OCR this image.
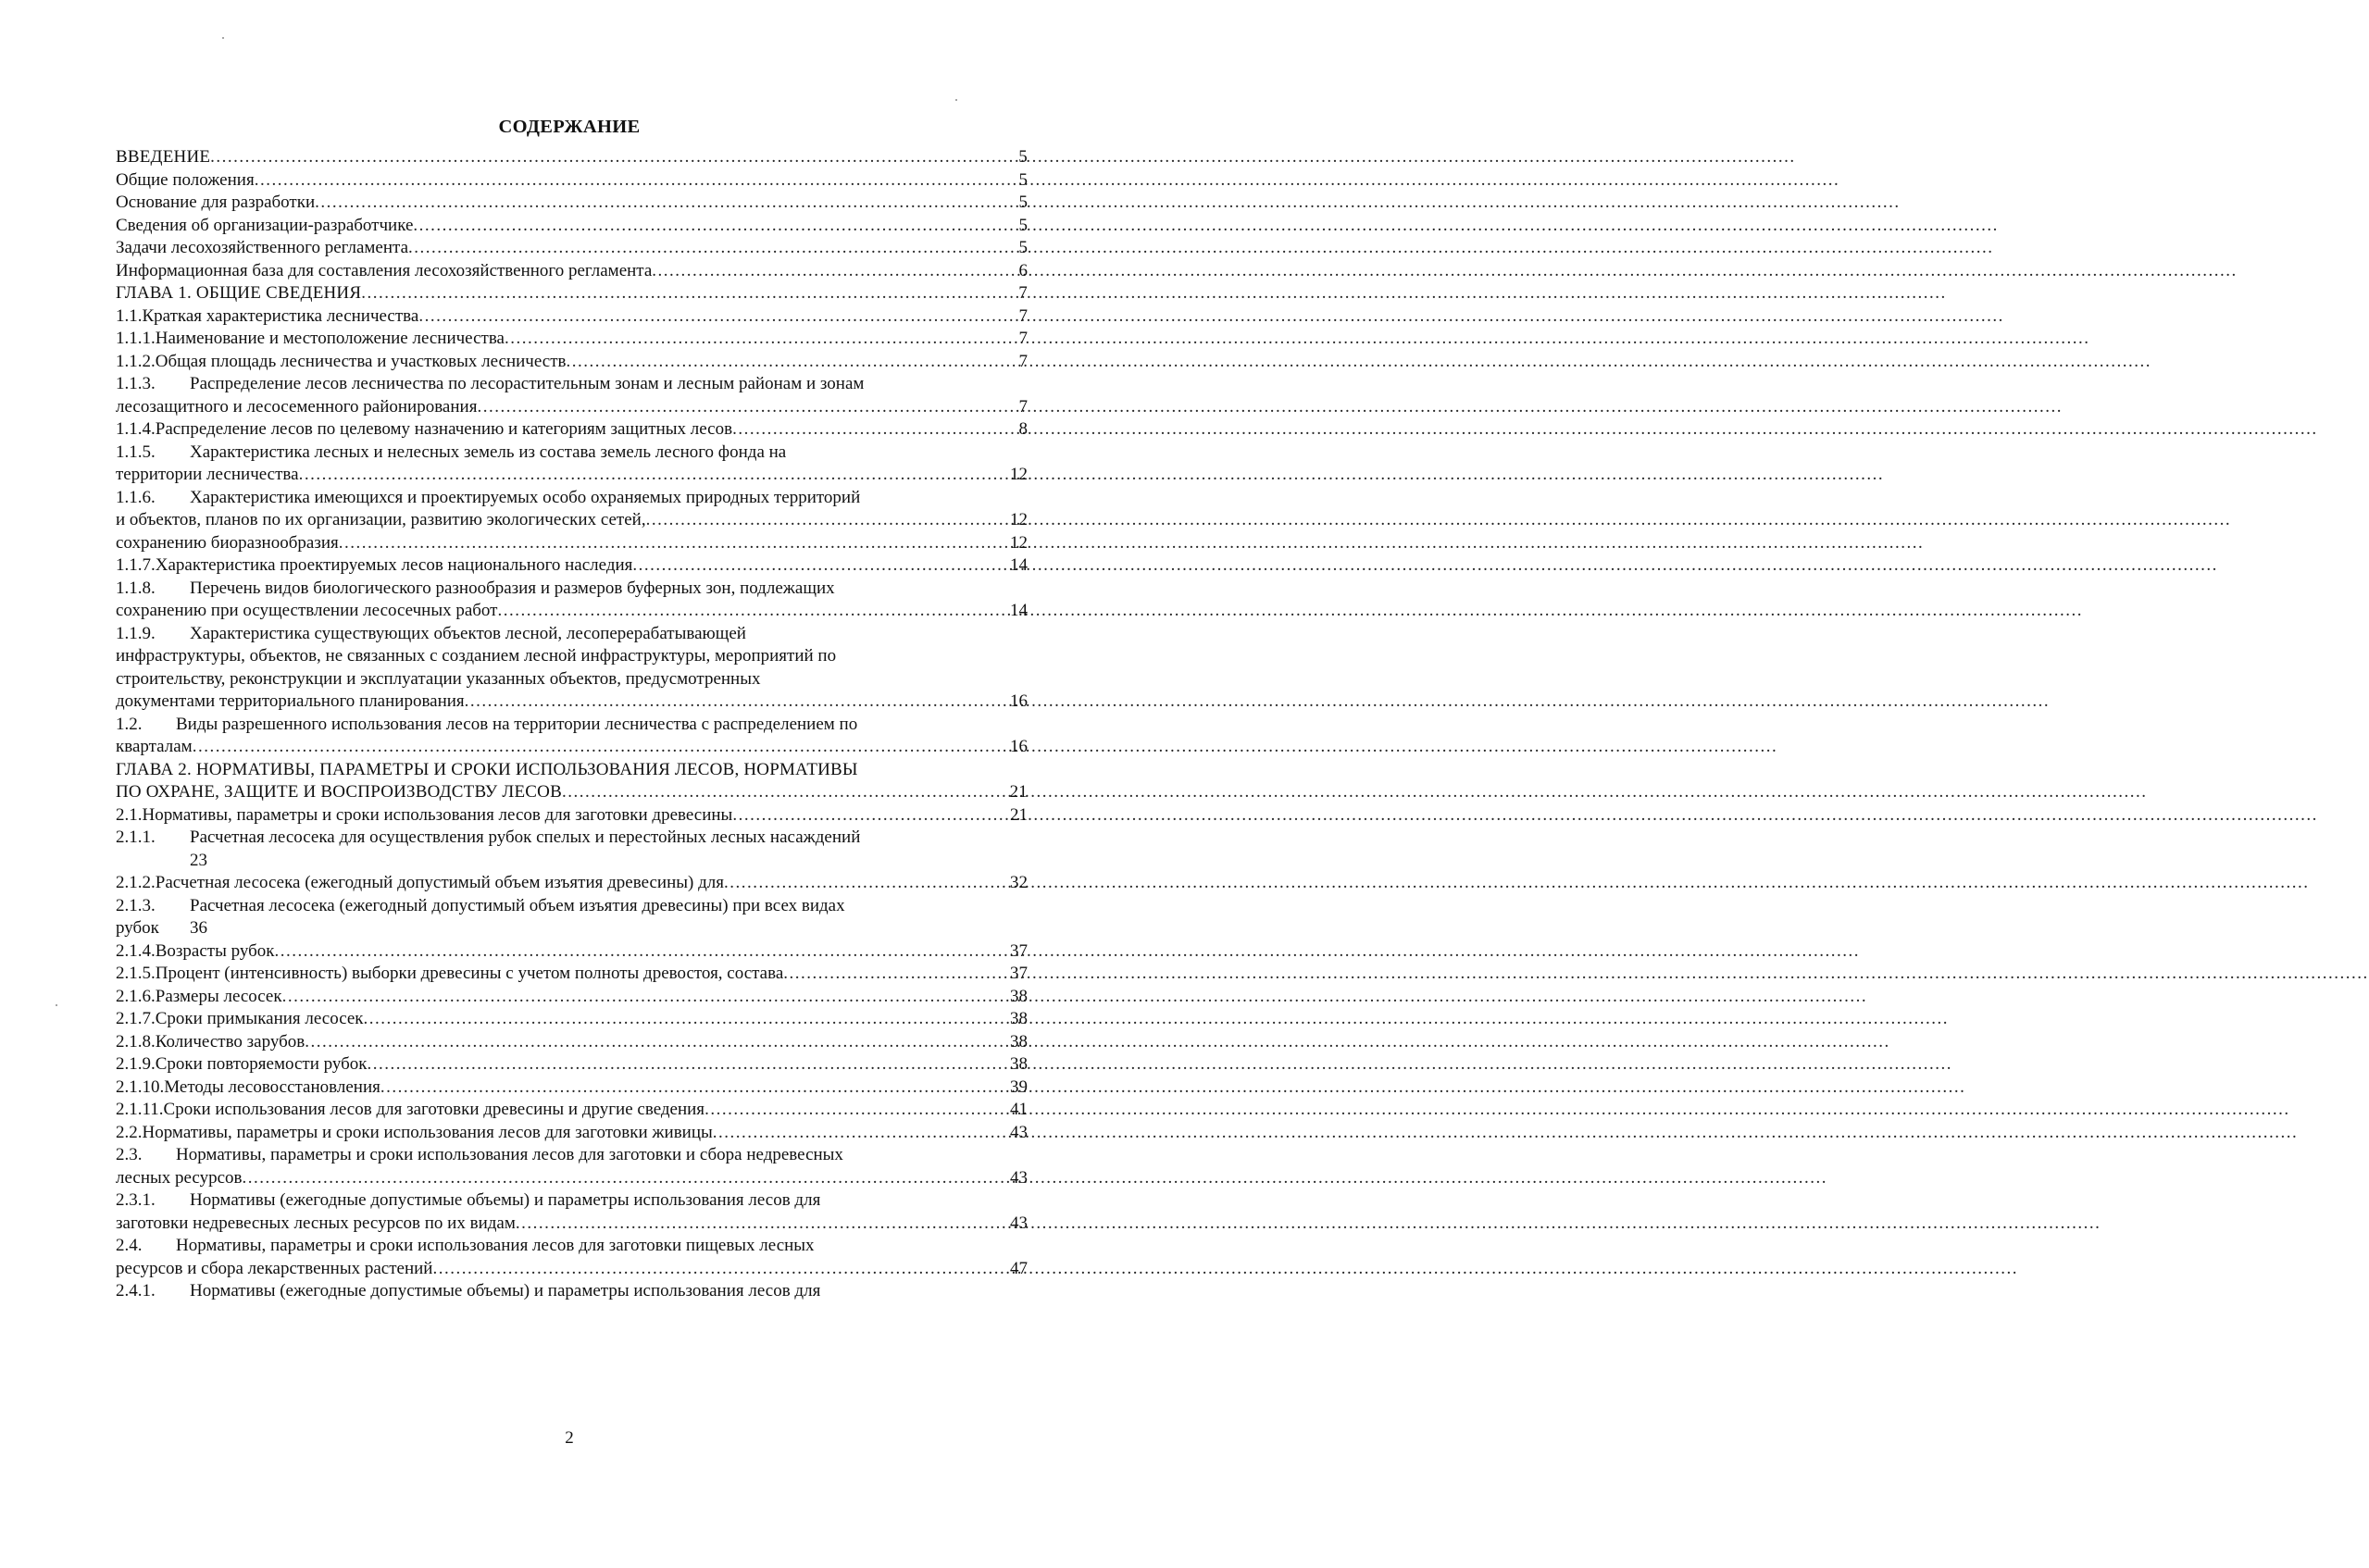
СОДЕРЖАНИЕ
ВВЕДЕНИЕ .....	5
Общие положения .....	5
Основание для разработки .....	5
Сведения об организации-разработчике .....	5
Задачи лесохозяйственного регламента .....	5
Информационная база для составления лесохозяйственного регламента .....	6
ГЛАВА 1. ОБЩИЕ СВЕДЕНИЯ .....	7
1.1. Краткая характеристика лесничества .....	7
1.1.1. Наименование и местоположение лесничества .....	7
1.1.2. Общая площадь лесничества и участковых лесничеств .....	7
1.1.3. Распределение лесов лесничества по лесорастительным зонам и лесным районам и зонам
лесозащитного и лесосеменного районирования .....	7
1.1.4. Распределение лесов по целевому назначению и категориям защитных лесов .....	8
1.1.5. Характеристика лесных и нелесных земель из состава земель лесного фонда на
территории лесничества .....	12
1.1.6.	Характеристика имеющихся и проектируемых особо охраняемых природных территорий
и объектов, планов по их организации, развитию экологических сетей, .....	12
сохранению биоразнообразия .....	12
1.1.7. Характеристика проектируемых лесов национального наследия .....	14
1.1.8. Перечень видов биологического разнообразия и размеров буферных зон, подлежащих
сохранению при осуществлении лесосечных работ .....	14
1.1.9. Характеристика существующих объектов лесной, лесоперерабатывающей
инфраструктуры, объектов, не связанных с созданием лесной инфраструктуры, мероприятий по
строительству, реконструкции и эксплуатации указанных объектов, предусмотренных
документами территориального планирования .....	16
1.2. Виды разрешенного использования лесов на территории лесничества с распределением по
кварталам .....	16
ГЛАВА 2. НОРМАТИВЫ, ПАРАМЕТРЫ И СРОКИ ИСПОЛЬЗОВАНИЯ ЛЕСОВ, НОРМАТИВЫ
ПО ОХРАНЕ, ЗАЩИТЕ И ВОСПРОИЗВОДСТВУ ЛЕСОВ .....	21
2.1. Нормативы, параметры и сроки использования лесов для заготовки древесины .....	21
2.1.1. Расчетная лесосека для осуществления рубок спелых и перестойных лесных насаждений
23
2.1.2. Расчетная лесосека (ежегодный допустимый объем изъятия древесины) для .....	32
2.1.3. Расчетная лесосека (ежегодный допустимый объем изъятия древесины) при всех видах
рубок 36
2.1.4. Возрасты рубок .....	37
2.1.5. Процент (интенсивность) выборки древесины с учетом полноты древостоя, состава .....	37
2.1.6. Размеры лесосек .....	38
2.1.7. Сроки примыкания лесосек .....	38
2.1.8. Количество зарубов .....	38
2.1.9. Сроки повторяемости рубок .....	38
2.1.10. Методы лесовосстановления .....	39
2.1.11. Сроки использования лесов для заготовки древесины и другие сведения .....	41
2.2. Нормативы, параметры и сроки использования лесов для заготовки живицы .....	43
2.3. Нормативы, параметры и сроки использования лесов для заготовки и сбора недревесных
лесных ресурсов .....	43
2.3.1. Нормативы (ежегодные допустимые объемы) и параметры использования лесов для
заготовки недревесных лесных ресурсов по их видам .....	43
2.4. Нормативы, параметры и сроки использования лесов для заготовки пищевых лесных
ресурсов и сбора лекарственных растений .....	47
2.4.1.	Нормативы (ежегодные допустимые объемы) и параметры использования лесов для
2
